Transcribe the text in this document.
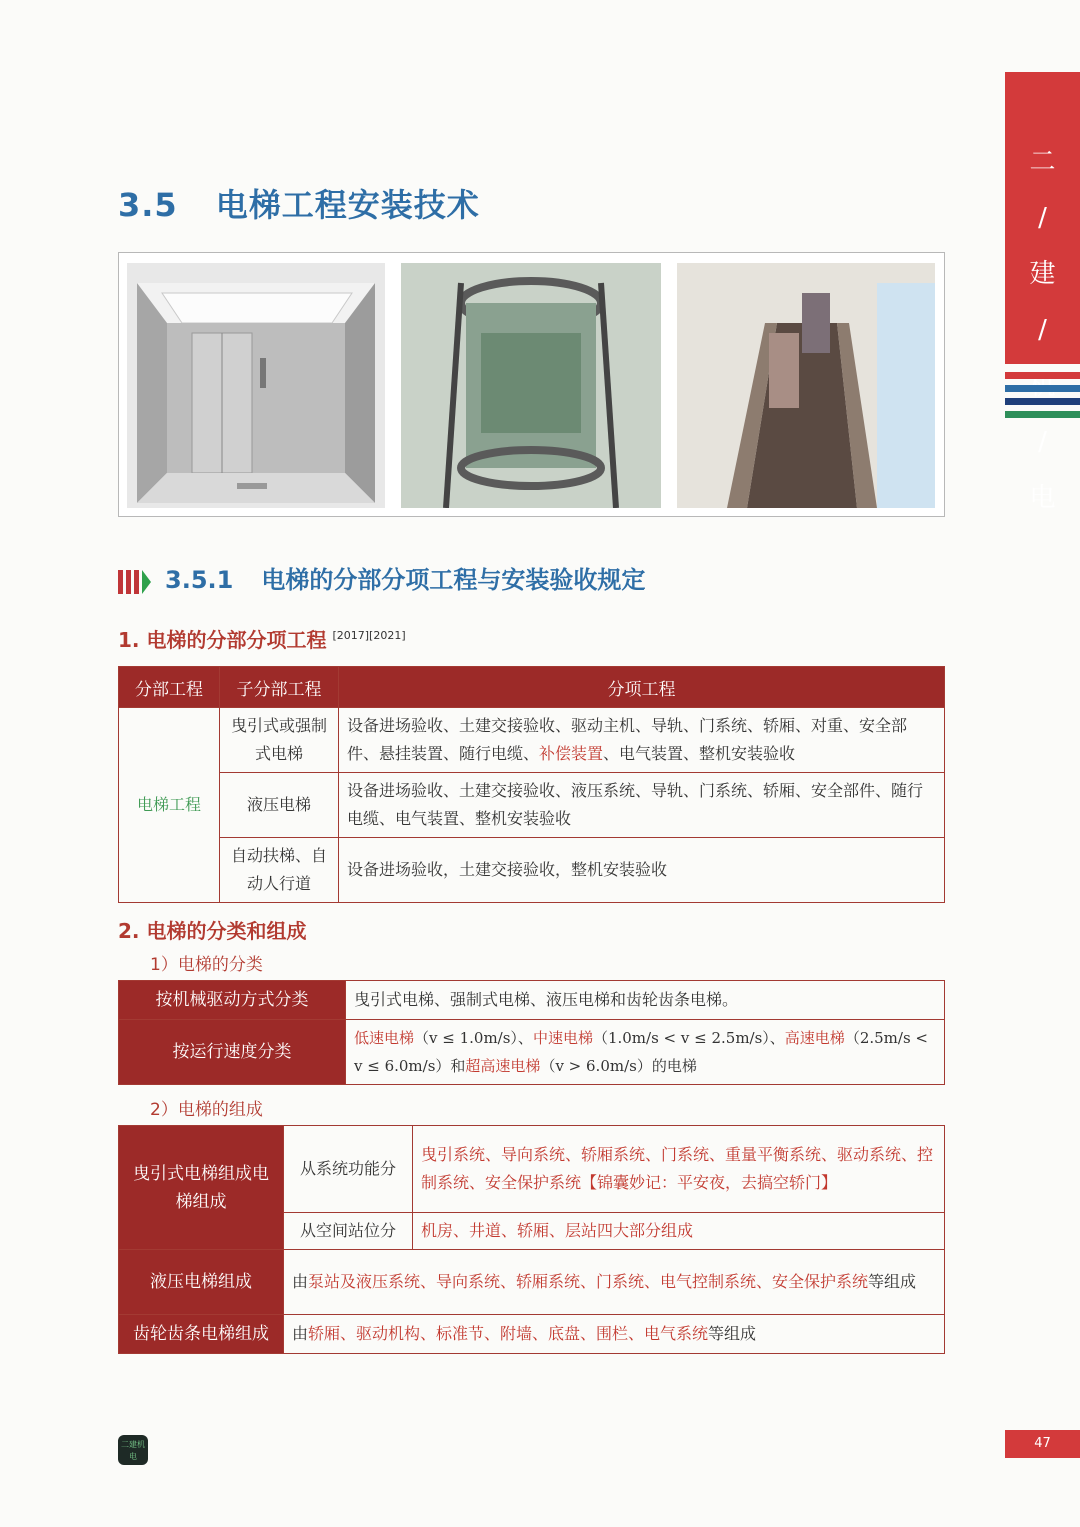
二
/
建
/
/
电
3.5 电梯工程安装技术
3.5.1 电梯的分部分项工程与安装验收规定
1. 电梯的分部分项工程 [2017][2021]
分部工程	子分部工程	分项工程
电梯工程	曳引式或强制式电梯	设备进场验收、土建交接验收、驱动主机、导轨、门系统、轿厢、对重、安全部件、悬挂装置、随行电缆、补偿装置、电气装置、整机安装验收
	液压电梯	设备进场验收、土建交接验收、液压系统、导轨、门系统、轿厢、安全部件、随行电缆、电气装置、整机安装验收
	自动扶梯、自动人行道	设备进场验收，土建交接验收，整机安装验收
2. 电梯的分类和组成

1）电梯的分类

按机械驱动方式分类	曳引式电梯、强制式电梯、液压电梯和齿轮齿条电梯。
按运行速度分类	低速电梯（v ≤ 1.0m/s）、中速电梯（1.0m/s < v ≤ 2.5m/s）、高速电梯（2.5m/s < v ≤ 6.0m/s）和超高速电梯（v > 6.0m/s）的电梯

2）电梯的组成

曳引式电梯组成电梯组成	从系统功能分	曳引系统、导向系统、轿厢系统、门系统、重量平衡系统、驱动系统、控制系统、安全保护系统【锦囊妙记：平安夜，去搞空轿门】
	从空间站位分	机房、井道、轿厢、层站四大部分组成
液压电梯组成	由泵站及液压系统、导向系统、轿厢系统、门系统、电气控制系统、安全保护系统等组成	
齿轮齿条电梯组成	由轿厢、驱动机构、标准节、附墙、底盘、围栏、电气系统等组成	
二建机电
47
